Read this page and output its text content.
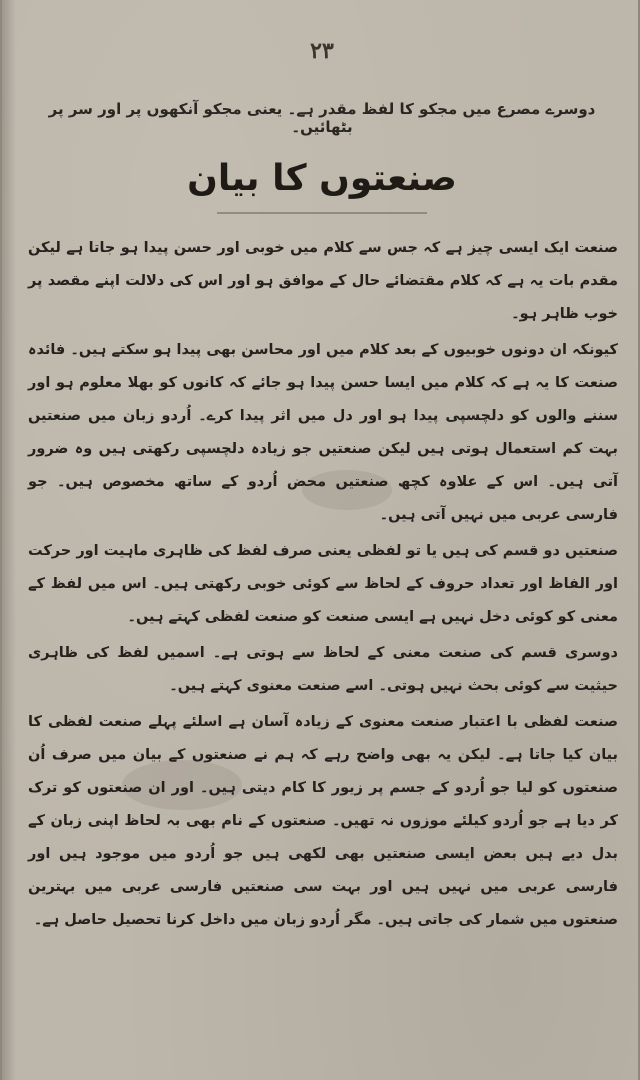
۲۳
دوسرے مصرع میں مجکو کا لفظ مقدر ہے۔ یعنی مجکو آنکھوں پر اور سر پر بٹھائیں۔
صنعتوں کا بیان

صنعت ایک ایسی چیز ہے کہ جس سے کلام میں خوبی اور حسن پیدا ہو جاتا ہے لیکن مقدم بات یہ ہے کہ کلام مقتضائے حال کے موافق ہو اور اس کی دلالت اپنے مقصد پر خوب ظاہر ہو۔

کیونکہ ان دونوں خوبیوں کے بعد کلام میں اور محاسن بھی پیدا ہو سکتے ہیں۔ فائدہ صنعت کا یہ ہے کہ کلام میں ایسا حسن پیدا ہو جائے کہ کانوں کو بھلا معلوم ہو اور سننے والوں کو دلچسپی پیدا ہو اور دل میں اثر پیدا کرے۔ اُردو زبان میں صنعتیں بہت کم استعمال ہوتی ہیں لیکن صنعتیں جو زیادہ دلچسپی رکھتی ہیں وہ ضرور آتی ہیں۔ اس کے علاوہ کچھ صنعتیں محض اُردو کے ساتھ مخصوص ہیں۔ جو فارسی عربی میں نہیں آتی ہیں۔

صنعتیں دو قسم کی ہیں یا تو لفظی یعنی صرف لفظ کی ظاہری ماہیت اور حرکت اور الفاظ اور تعداد حروف کے لحاظ سے کوئی خوبی رکھتی ہیں۔ اس میں لفظ کے معنی کو کوئی دخل نہیں ہے ایسی صنعت کو صنعت لفظی کہتے ہیں۔

دوسری قسم کی صنعت معنی کے لحاظ سے ہوتی ہے۔ اسمیں لفظ کی ظاہری حیثیت سے کوئی بحث نہیں ہوتی۔ اسے صنعت معنوی کہتے ہیں۔

صنعت لفظی با اعتبار صنعت معنوی کے زیادہ آسان ہے اسلئے پہلے صنعت لفظی کا بیان کیا جاتا ہے۔ لیکن یہ بھی واضح رہے کہ ہم نے صنعتوں کے بیان میں صرف اُن صنعتوں کو لیا جو اُردو کے جسم پر زیور کا کام دیتی ہیں۔ اور ان صنعتوں کو ترک کر دیا ہے جو اُردو کیلئے موزوں نہ تھیں۔ صنعتوں کے نام بھی بہ لحاظ اپنی زبان کے بدل دیے ہیں بعض ایسی صنعتیں بھی لکھی ہیں جو اُردو میں موجود ہیں اور فارسی عربی میں نہیں ہیں اور بہت سی صنعتیں فارسی عربی میں بہترین صنعتوں میں شمار کی جاتی ہیں۔ مگر اُردو زبان میں داخل کرنا تحصیل حاصل ہے۔
